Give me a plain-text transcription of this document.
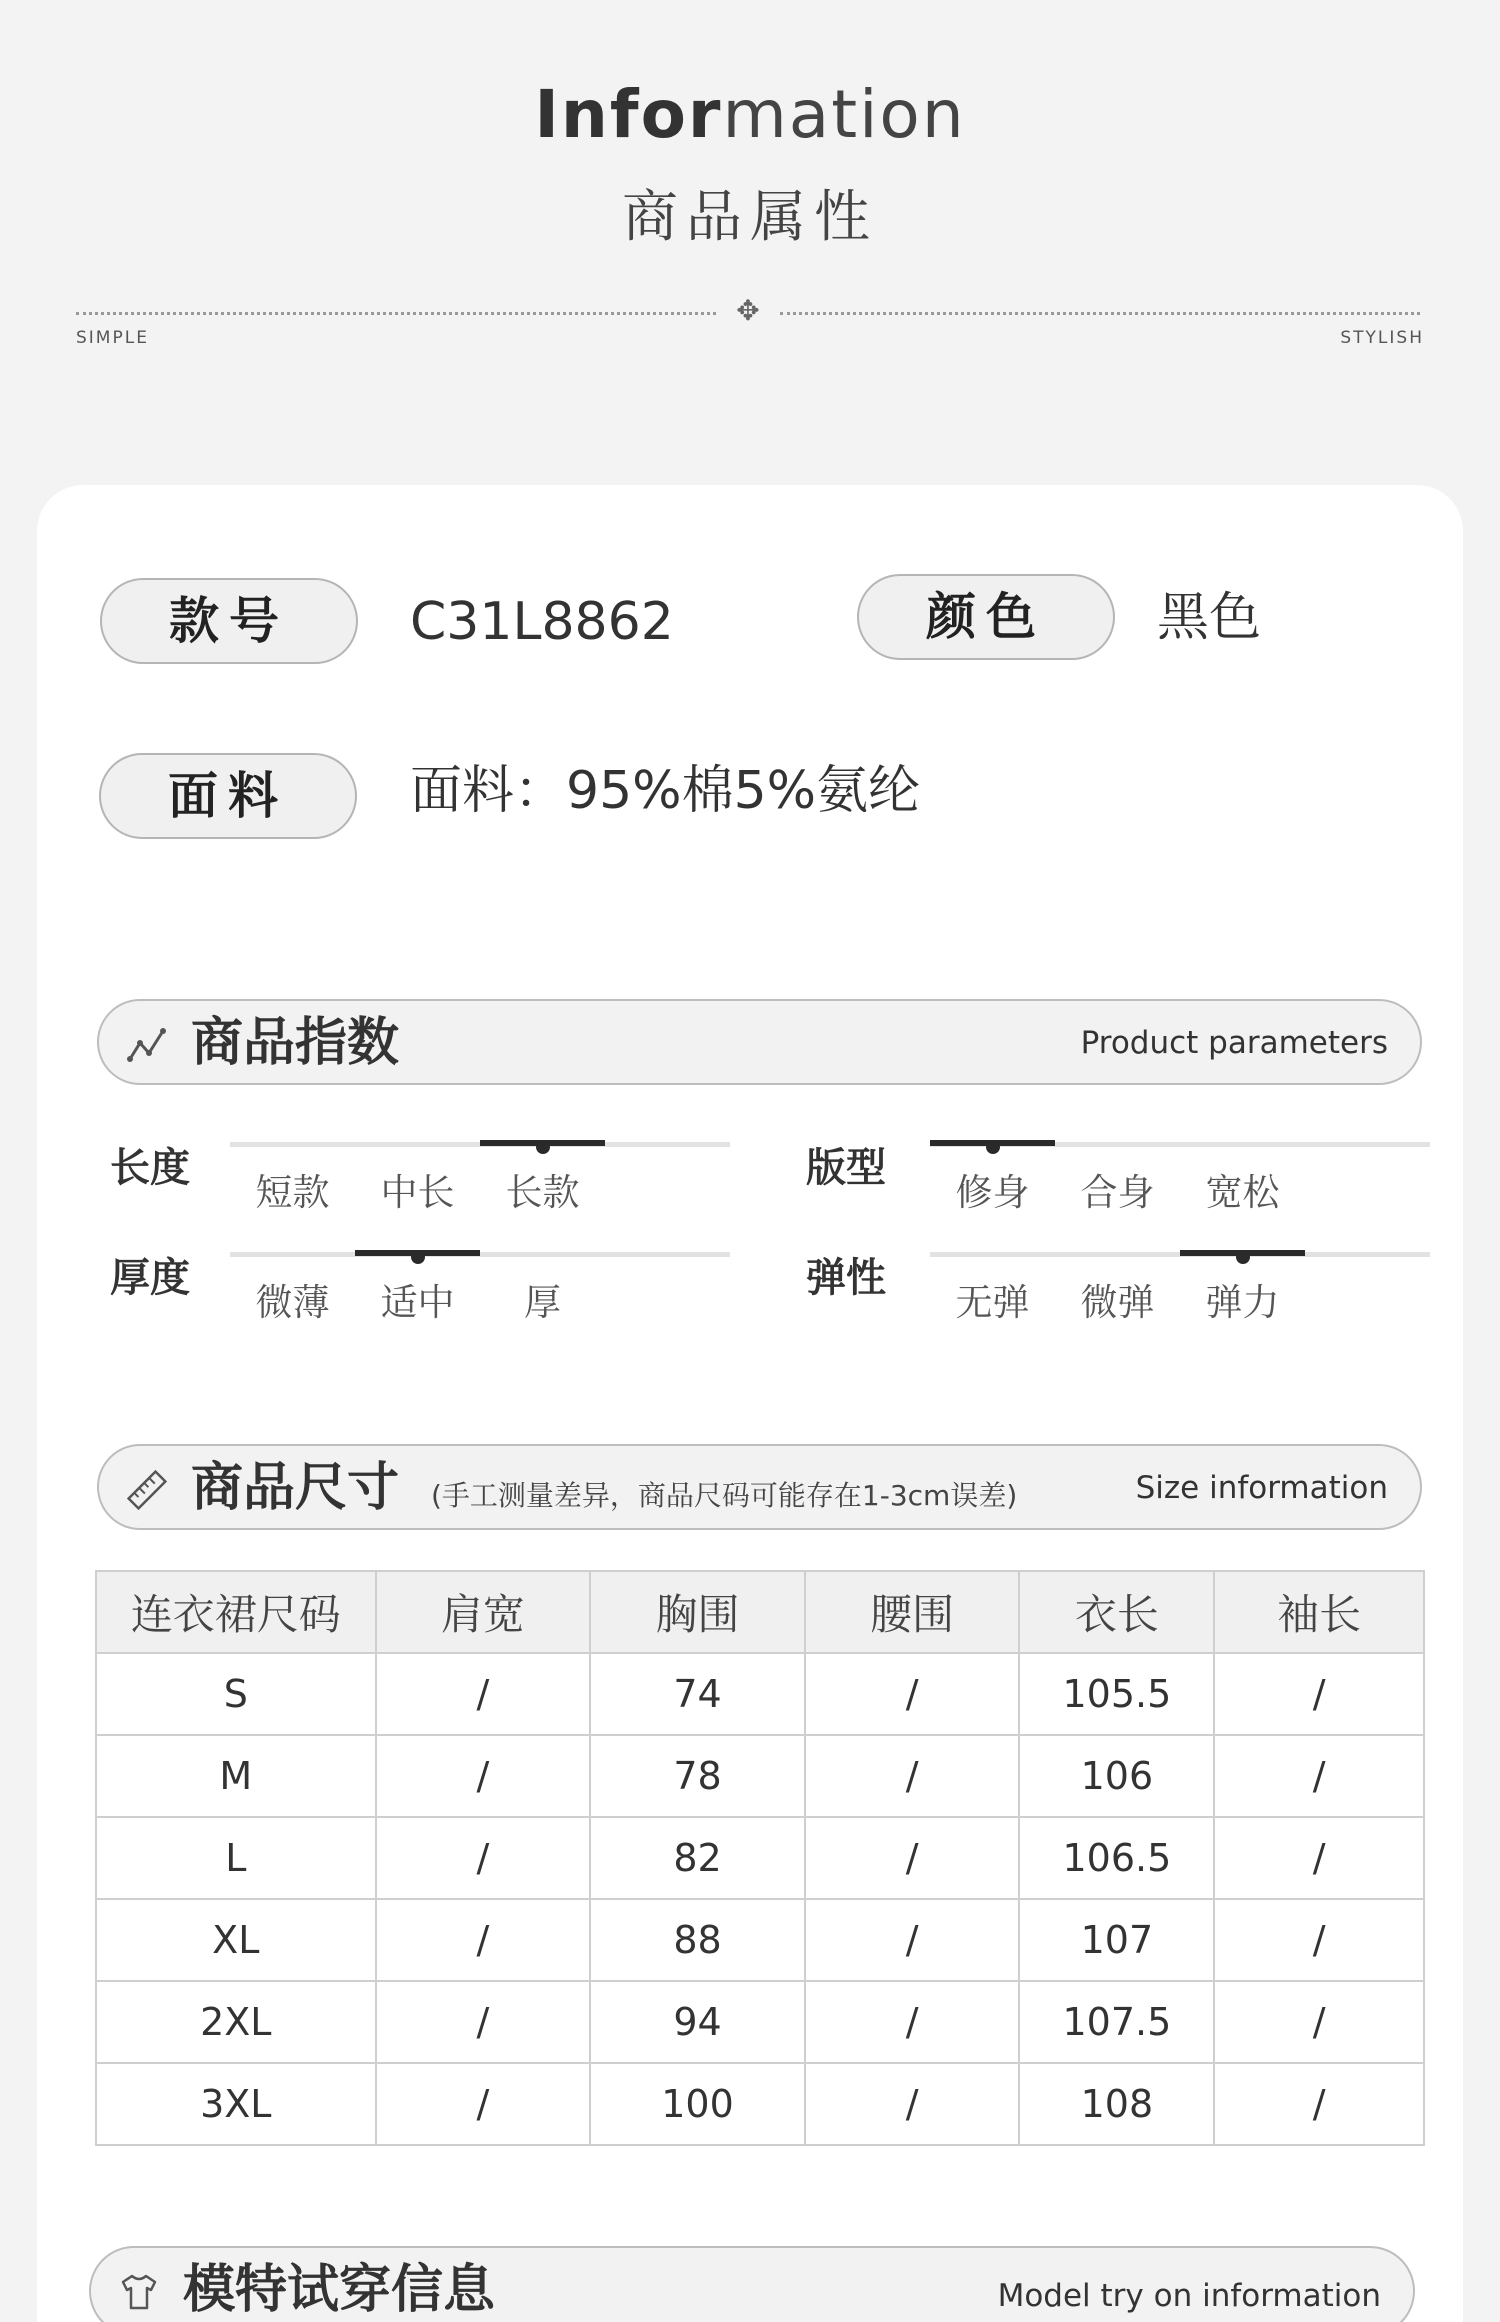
Information
商品属性
✥
SIMPLE	STYLISH
款号	C31L8862	颜色	黑色
面料	面料：95%棉5%氨纶
商品指数	Product parameters
长度
短款	中长	长款
版型
修身	合身	宽松
厚度
微薄	适中	厚
弹性
无弹	微弹	弹力
商品尺寸 (手工测量差异，商品尺码可能存在1-3cm误差)	Size information
连衣裙尺码	肩宽	胸围	腰围	衣长	袖长
S	/	74	/	105.5	/
M	/	78	/	106	/
L	/	82	/	106.5	/
XL	/	88	/	107	/
2XL	/	94	/	107.5	/
3XL	/	100	/	108	/
模特试穿信息	Model try on information
